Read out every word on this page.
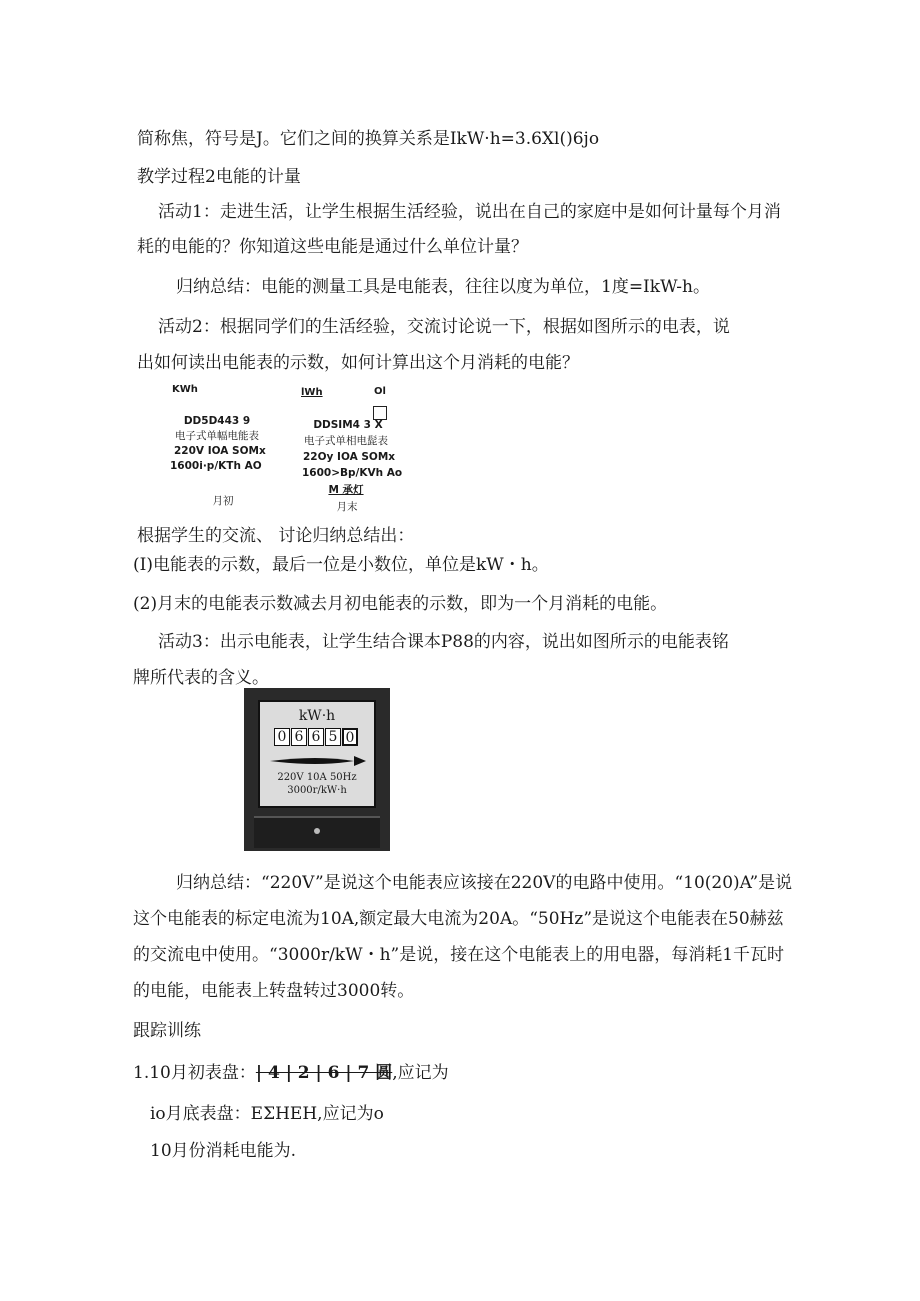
简称焦，符号是J。它们之间的换算关系是IkW·h=3.6Xl()6jo
教学过程2电能的计量
活动1：走进生活，让学生根据生活经验，说出在自己的家庭中是如何计量每个月消
耗的电能的？你知道这些电能是通过什么单位计量？
归纳总结：电能的测量工具是电能表，往往以度为单位，1度=IkW-h。
活动2：根据同学们的生活经验，交流讨论说一下，根据如图所示的电表，说
出如何读出电能表的示数，如何计算出这个月消耗的电能？
KWh
DD5D443 9
电子式单幅电能表
220V IOA SOMx
1600i·p/KTh AO
月初
lWh	Ol
DDSIM4 3 X
电子式单相电髭表
22Oy IOA SOMx
1600>Bp/KVh Ao
M 承灯
月末
根据学生的交流、 讨论归纳总结出：
(I)电能表的示数，最后一位是小数位，单位是kW・h。
(2)月末的电能表示数减去月初电能表的示数，即为一个月消耗的电能。
活动3：出示电能表，让学生结合课本P88的内容，说出如图所示的电能表铭
牌所代表的含义。
kW·h
0 6 6 5 0
220V 10A 50Hz
3000r/kW·h
归纳总结：“220V”是说这个电能表应该接在220V的电路中使用。“10(20)A”是说
这个电能表的标定电流为10A,额定最大电流为20A。“50Hz”是说这个电能表在50赫兹
的交流电中使用。“3000r/kW・h”是说，接在这个电能表上的用电器，每消耗1千瓦时
的电能，电能表上转盘转过3000转。
跟踪训练
1.10月初表盘：| 4 | 2 | 6 | 7 圆,应记为
io月底表盘：EΣHEH,应记为o
10月份消耗电能为.
